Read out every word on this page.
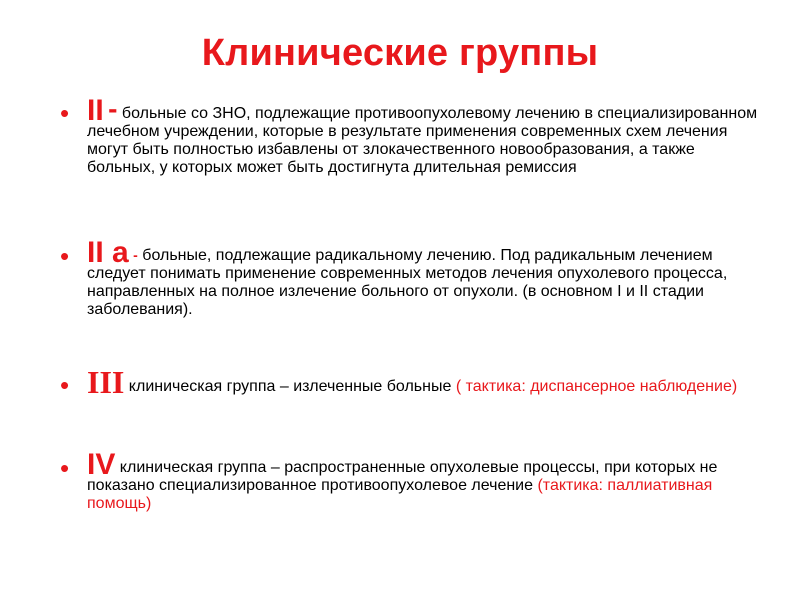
Клинические группы
• II - больные со ЗНО, подлежащие противоопухолевому лечению в специализированном лечебном учреждении, которые в результате применения современных схем лечения могут быть полностью избавлены от злокачественного новообразования, а также больных, у которых может быть достигнута длительная ремиссия
• II а - больные, подлежащие радикальному лечению. Под радикальным лечением следует понимать применение современных методов лечения опухолевого процесса, направленных на полное излечение больного от опухоли. (в основном I и II стадии заболевания).
• III клиническая группа – излеченные больные ( тактика: диспансерное наблюдение)
• IV клиническая группа – распространенные опухолевые процессы, при которых не показано специализированное противоопухолевое лечение (тактика: паллиативная помощь)
